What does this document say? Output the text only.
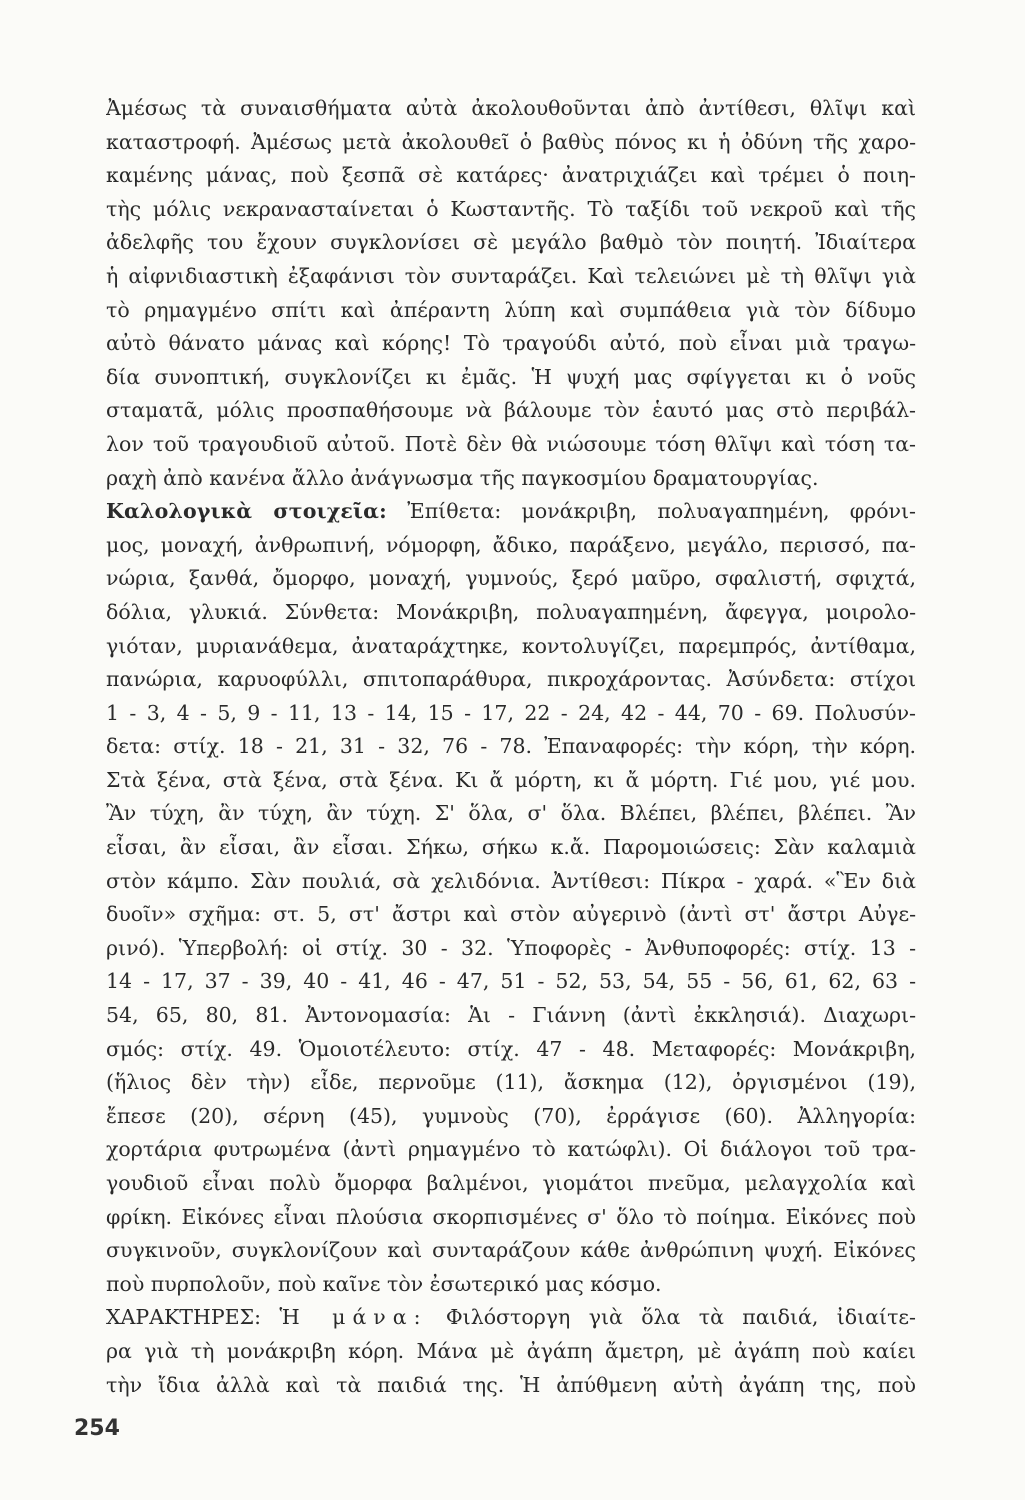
Ἀμέσως τὰ συναισθήματα αὐτὰ ἀκολουθοῦνται ἀπὸ ἀντίθεσι, θλῖψι καὶ
καταστροφή. Ἀμέσως μετὰ ἀκολουθεῖ ὁ βαθὺς πόνος κι ἡ ὀδύνη τῆς χαρο-
καμένης μάνας, ποὺ ξεσπᾶ σὲ κατάρες· ἀνατριχιάζει καὶ τρέμει ὁ ποιη-
τὴς μόλις νεκρανασταίνεται ὁ Κωσταντῆς. Τὸ ταξίδι τοῦ νεκροῦ καὶ τῆς
ἀδελφῆς του ἔχουν συγκλονίσει σὲ μεγάλο βαθμὸ τὸν ποιητή. Ἰδιαίτερα
ἡ αἰφνιδιαστικὴ ἐξαφάνισι τὸν συνταράζει. Καὶ τελειώνει μὲ τὴ θλῖψι γιὰ
τὸ ρημαγμένο σπίτι καὶ ἀπέραντη λύπη καὶ συμπάθεια γιὰ τὸν δίδυμο
αὐτὸ θάνατο μάνας καὶ κόρης! Τὸ τραγούδι αὐτό, ποὺ εἶναι μιὰ τραγω-
δία συνοπτική, συγκλονίζει κι ἐμᾶς. Ἡ ψυχή μας σφίγγεται κι ὁ νοῦς
σταματᾶ, μόλις προσπαθήσουμε νὰ βάλουμε τὸν ἑαυτό μας στὸ περιβάλ-
λον τοῦ τραγουδιοῦ αὐτοῦ. Ποτὲ δὲν θὰ νιώσουμε τόση θλῖψι καὶ τόση τα-
ραχὴ ἀπὸ κανένα ἄλλο ἀνάγνωσμα τῆς παγκοσμίου δραματουργίας.
Καλολογικὰ στοιχεῖα: Ἐπίθετα: μονάκριβη, πολυαγαπημένη, φρόνι-
μος, μοναχή, ἀνθρωπινή, νόμορφη, ἄδικο, παράξενο, μεγάλο, περισσό, πα-
νώρια, ξανθά, ὄμορφο, μοναχή, γυμνούς, ξερό μαῦρο, σφαλιστή, σφιχτά,
δόλια, γλυκιά. Σύνθετα: Μονάκριβη, πολυαγαπημένη, ἄφεγγα, μοιρολο-
γιόταν, μυριανάθεμα, ἀναταράχτηκε, κοντολυγίζει, παρεμπρός, ἀντίθαμα,
πανώρια, καρυοφύλλι, σπιτοπαράθυρα, πικροχάροντας. Ἀσύνδετα: στίχοι
1 - 3, 4 - 5, 9 - 11, 13 - 14, 15 - 17, 22 - 24, 42 - 44, 70 - 69. Πολυσύν-
δετα: στίχ. 18 - 21, 31 - 32, 76 - 78. Ἐπαναφορές: τὴν κόρη, τὴν κόρη.
Στὰ ξένα, στὰ ξένα, στὰ ξένα. Κι ἄ μόρτη, κι ἄ μόρτη. Γιέ μου, γιέ μου.
Ἂν τύχη, ἂν τύχη, ἂν τύχη. Σ' ὅλα, σ' ὅλα. Βλέπει, βλέπει, βλέπει. Ἂν
εἶσαι, ἂν εἶσαι, ἂν εἶσαι. Σήκω, σήκω κ.ἄ. Παρομοιώσεις: Σὰν καλαμιὰ
στὸν κάμπο. Σὰν πουλιά, σὰ χελιδόνια. Ἀντίθεσι: Πίκρα - χαρά. «Ἓν διὰ
δυοῖν» σχῆμα: στ. 5, στ' ἄστρι καὶ στὸν αὐγερινὸ (ἀντὶ στ' ἄστρι Αὐγε-
ρινό). Ὑπερβολή: οἱ στίχ. 30 - 32. Ὑποφορὲς - Ἀνθυποφορές: στίχ. 13 -
14 - 17, 37 - 39, 40 - 41, 46 - 47, 51 - 52, 53, 54, 55 - 56, 61, 62, 63 -
54, 65, 80, 81. Ἀντονομασία: Ἁι - Γιάννη (ἀντὶ ἐκκλησιά). Διαχωρι-
σμός: στίχ. 49. Ὁμοιοτέλευτο: στίχ. 47 - 48. Μεταφορές: Μονάκριβη,
(ἥλιος δὲν τὴν) εἶδε, περνοῦμε (11), ἄσκημα (12), ὀργισμένοι (19),
ἔπεσε (20), σέρνη (45), γυμνοὺς (70), ἐρράγισε (60). Ἀλληγορία:
χορτάρια φυτρωμένα (ἀντὶ ρημαγμένο τὸ κατώφλι). Οἱ διάλογοι τοῦ τρα-
γουδιοῦ εἶναι πολὺ ὄμορφα βαλμένοι, γιομάτοι πνεῦμα, μελαγχολία καὶ
φρίκη. Εἰκόνες εἶναι πλούσια σκορπισμένες σ' ὅλο τὸ ποίημα. Εἰκόνες ποὺ
συγκινοῦν, συγκλονίζουν καὶ συνταράζουν κάθε ἀνθρώπινη ψυχή. Εἰκόνες
ποὺ πυρπολοῦν, ποὺ καῖνε τὸν ἐσωτερικό μας κόσμο.
ΧΑΡΑΚΤΗΡΕΣ: Ἡ μάνα: Φιλόστοργη γιὰ ὅλα τὰ παιδιά, ἰδιαίτε-
ρα γιὰ τὴ μονάκριβη κόρη. Μάνα μὲ ἀγάπη ἄμετρη, μὲ ἀγάπη ποὺ καίει
τὴν ἴδια ἀλλὰ καὶ τὰ παιδιά της. Ἡ ἀπύθμενη αὐτὴ ἀγάπη της, ποὺ
254
